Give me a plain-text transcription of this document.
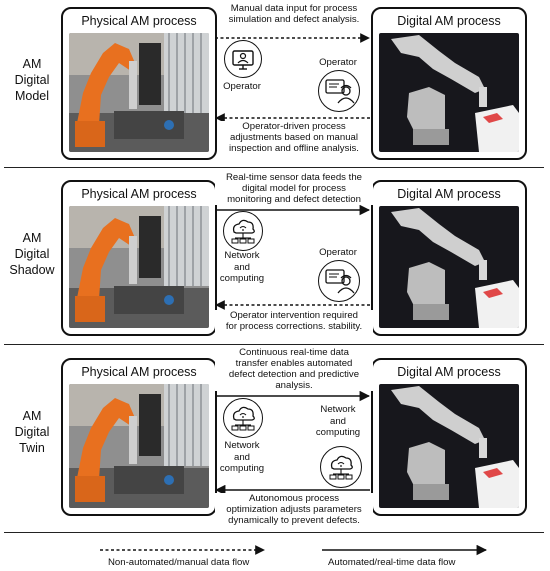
AM
Digital
Model
Physical AM process	Digital AM process
Manual data input for process
simulation and defect analysis.
Operator
Operator
Operator-driven process
adjustments based on manual
inspection and offline analysis.
AM
Digital
Shadow
Physical AM process	Digital AM process
Real-time sensor data feeds the
digital model for process
monitoring and defect detection
Network
and
computing
Operator
Operator intervention required
for process corrections. stability.
AM
Digital
Twin
Physical AM process	Digital AM process
Continuous real-time data
transfer enables automated
defect detection and predictive
analysis.
Network
and
computing
Network
and
computing
Autonomous process
optimization adjusts parameters
dynamically to prevent defects.
Non-automated/manual data flow	Automated/real-time data flow
